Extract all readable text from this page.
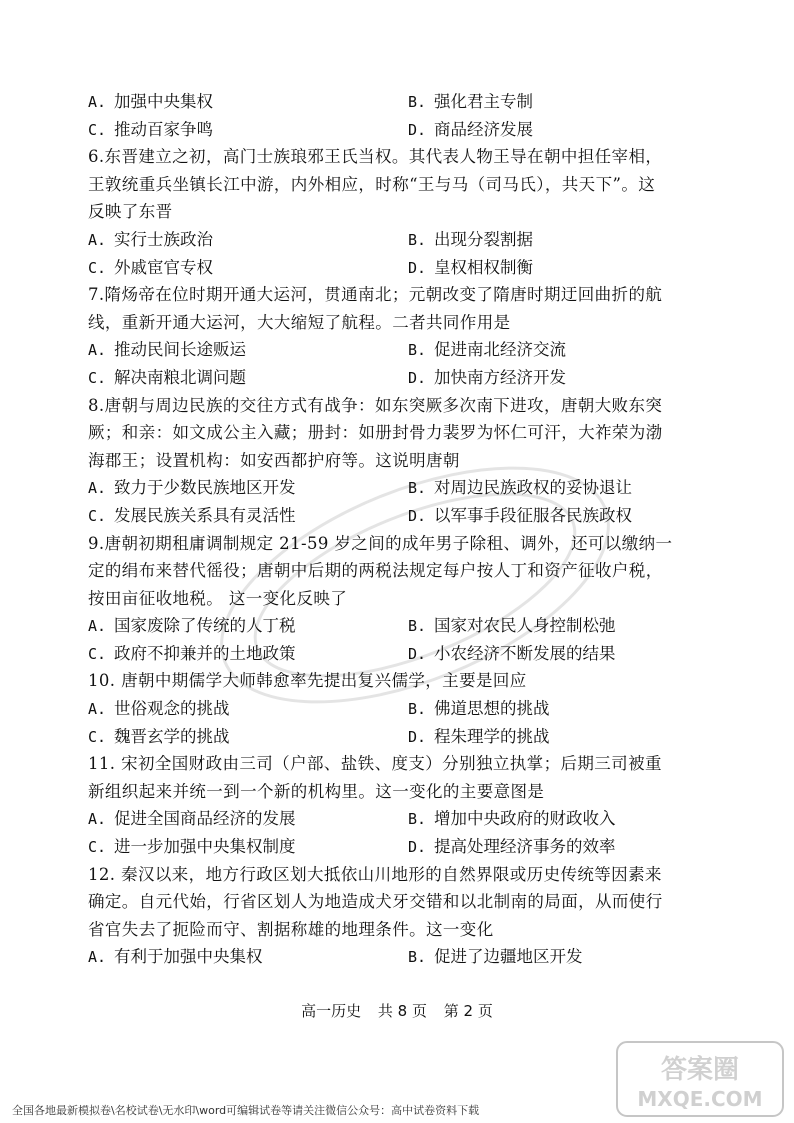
A. 加强中央集权	B. 强化君主专制
C. 推动百家争鸣	D. 商品经济发展
6.东晋建立之初，高门士族琅邪王氏当权。其代表人物王导在朝中担任宰相，
王敦统重兵坐镇长江中游，内外相应，时称“王与马（司马氏），共天下”。这
反映了东晋
A. 实行士族政治	B. 出现分裂割据
C. 外戚宦官专权	D. 皇权相权制衡
7.隋炀帝在位时期开通大运河，贯通南北；元朝改变了隋唐时期迂回曲折的航
线，重新开通大运河，大大缩短了航程。二者共同作用是
A. 推动民间长途贩运	B. 促进南北经济交流
C. 解决南粮北调问题	D. 加快南方经济开发
8.唐朝与周边民族的交往方式有战争：如东突厥多次南下进攻，唐朝大败东突
厥；和亲：如文成公主入藏；册封：如册封骨力裴罗为怀仁可汗，大祚荣为渤
海郡王；设置机构：如安西都护府等。这说明唐朝
A. 致力于少数民族地区开发	B. 对周边民族政权的妥协退让
C. 发展民族关系具有灵活性	D. 以军事手段征服各民族政权
9.唐朝初期租庸调制规定 21-59 岁之间的成年男子除租、调外，还可以缴纳一
定的绢布来替代徭役；唐朝中后期的两税法规定每户按人丁和资产征收户税，
按田亩征收地税。 这一变化反映了
A. 国家废除了传统的人丁税	B. 国家对农民人身控制松弛
C. 政府不抑兼并的土地政策	D. 小农经济不断发展的结果
10. 唐朝中期儒学大师韩愈率先提出复兴儒学，主要是回应
A. 世俗观念的挑战	B. 佛道思想的挑战
C. 魏晋玄学的挑战	D. 程朱理学的挑战
11. 宋初全国财政由三司（户部、盐铁、度支）分别独立执掌；后期三司被重
新组织起来并统一到一个新的机构里。这一变化的主要意图是
A. 促进全国商品经济的发展	B. 增加中央政府的财政收入
C. 进一步加强中央集权制度	D. 提高处理经济事务的效率
12. 秦汉以来，地方行政区划大抵依山川地形的自然界限或历史传统等因素来
确定。自元代始，行省区划人为地造成犬牙交错和以北制南的局面，从而使行
省官失去了扼险而守、割据称雄的地理条件。这一变化
A. 有利于加强中央集权	B. 促进了边疆地区开发
高一历史 共 8 页 第 2 页
答案圈
MXQE.COM
全国各地最新模拟卷\名校试卷\无水印\word可编辑试卷等请关注微信公众号：高中试卷资料下载
